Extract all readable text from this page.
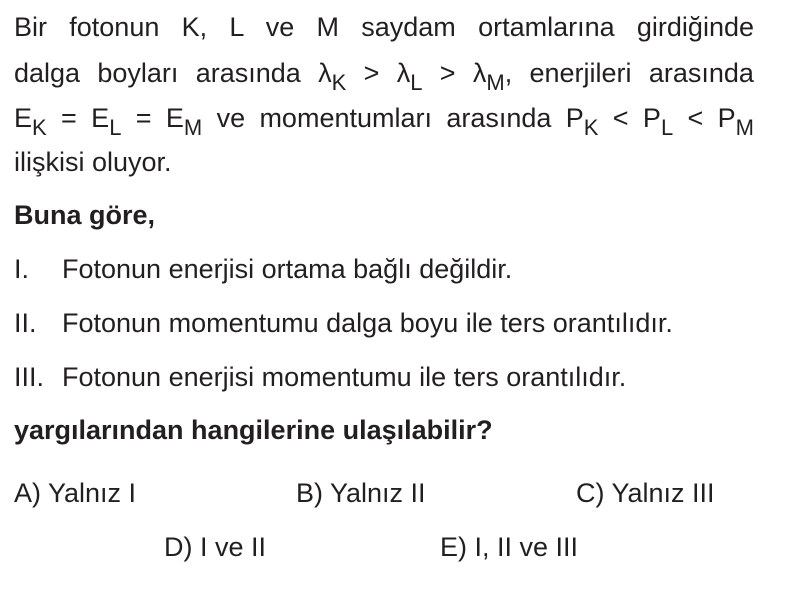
Bir fotonun K, L ve M saydam ortamlarına girdiğinde
dalga boyları arasında $\lambda_K > \lambda_L > \lambda_M$, enerjileri arasında
$E_K = E_L = E_M$ ve momentumları arasında $P_K < P_L < P_M$
ilişkisi oluyor.
Buna göre,
I. Fotonun enerjisi ortama bağlı değildir.
II. Fotonun momentumu dalga boyu ile ters orantılıdır.
III. Fotonun enerjisi momentumu ile ters orantılıdır.
yargılarından hangilerine ulaşılabilir?
A) Yalnız I	B) Yalnız II	C) Yalnız III
D) I ve II	E) I, II ve III
